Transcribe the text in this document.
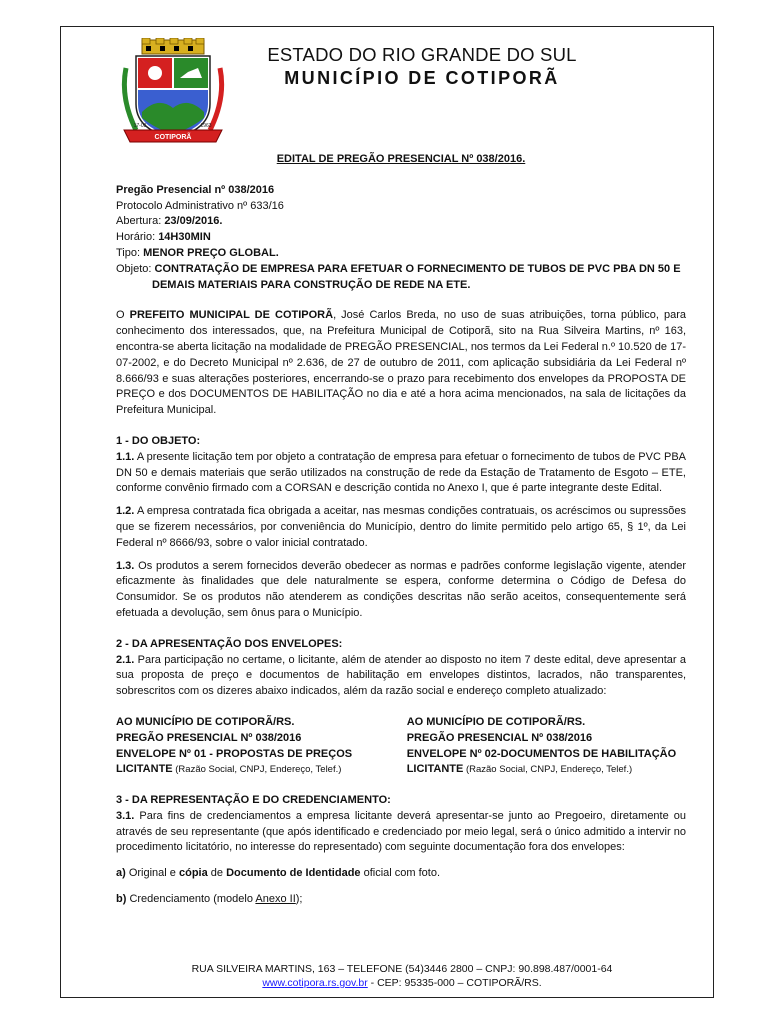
COTIPORÃ
17-03	1963
ESTADO DO RIO GRANDE DO SUL
MUNICÍPIO DE COTIPORÃ

EDITAL DE PREGÃO PRESENCIAL Nº 038/2016.

Pregão Presencial nº 038/2016

Protocolo Administrativo nº 633/16

Abertura: 23/09/2016.

Horário: 14H30MIN

Tipo: MENOR PREÇO GLOBAL.

Objeto: CONTRATAÇÃO DE EMPRESA PARA EFETUAR O FORNECIMENTO DE TUBOS DE PVC PBA DN 50 E

DEMAIS MATERIAIS PARA CONSTRUÇÃO DE REDE NA ETE.

O PREFEITO MUNICIPAL DE COTIPORÃ, José Carlos Breda, no uso de suas atribuições, torna público, para conhecimento dos interessados, que, na Prefeitura Municipal de Cotiporã, sito na Rua Silveira Martins, nº 163, encontra-se aberta licitação na modalidade de PREGÃO PRESENCIAL, nos termos da Lei Federal n.º 10.520 de 17-07-2002, e do Decreto Municipal nº 2.636, de 27 de outubro de 2011, com aplicação subsidiária da Lei Federal nº 8.666/93 e suas alterações posteriores, encerrando-se o prazo para recebimento dos envelopes da PROPOSTA DE PREÇO e dos DOCUMENTOS DE HABILITAÇÃO no dia e até a hora acima mencionados, na sala de licitações da Prefeitura Municipal.

1 - DO OBJETO:

1.1. A presente licitação tem por objeto a contratação de empresa para efetuar o fornecimento de tubos de PVC PBA DN 50 e demais materiais que serão utilizados na construção de rede da Estação de Tratamento de Esgoto – ETE, conforme convênio firmado com a CORSAN e descrição contida no Anexo I, que é parte integrante deste Edital.

1.2. A empresa contratada fica obrigada a aceitar, nas mesmas condições contratuais, os acréscimos ou supressões que se fizerem necessários, por conveniência do Município, dentro do limite permitido pelo artigo 65, § 1º, da Lei Federal nº 8666/93, sobre o valor inicial contratado.

1.3. Os produtos a serem fornecidos deverão obedecer as normas e padrões conforme legislação vigente, atender eficazmente às finalidades que dele naturalmente se espera, conforme determina o Código de Defesa do Consumidor. Se os produtos não atenderem as condições descritas não serão aceitos, consequentemente será efetuada a devolução, sem ônus para o Município.

2 - DA APRESENTAÇÃO DOS ENVELOPES:

2.1. Para participação no certame, o licitante, além de atender ao disposto no item 7 deste edital, deve apresentar a sua proposta de preço e documentos de habilitação em envelopes distintos, lacrados, não transparentes, sobrescritos com os dizeres abaixo indicados, além da razão social e endereço completo atualizado:

AO MUNICÍPIO DE COTIPORÃ/RS.

PREGÃO PRESENCIAL Nº 038/2016

ENVELOPE Nº 01 - PROPOSTAS DE PREÇOS

LICITANTE (Razão Social, CNPJ, Endereço, Telef.)

AO MUNICÍPIO DE COTIPORÃ/RS.

PREGÃO PRESENCIAL Nº 038/2016

ENVELOPE Nº 02-DOCUMENTOS DE HABILITAÇÃO

LICITANTE (Razão Social, CNPJ, Endereço, Telef.)

3 - DA REPRESENTAÇÃO E DO CREDENCIAMENTO:

3.1. Para fins de credenciamentos a empresa licitante deverá apresentar-se junto ao Pregoeiro, diretamente ou através de seu representante (que após identificado e credenciado por meio legal, será o único admitido a intervir no procedimento licitatório, no interesse do representado) com seguinte documentação fora dos envelopes:

a) Original e cópia de Documento de Identidade oficial com foto.

b) Credenciamento (modelo Anexo II);

RUA SILVEIRA MARTINS, 163 – TELEFONE (54)3446 2800 – CNPJ: 90.898.487/0001-64
www.cotipora.rs.gov.br - CEP: 95335-000 – COTIPORÃ/RS.
